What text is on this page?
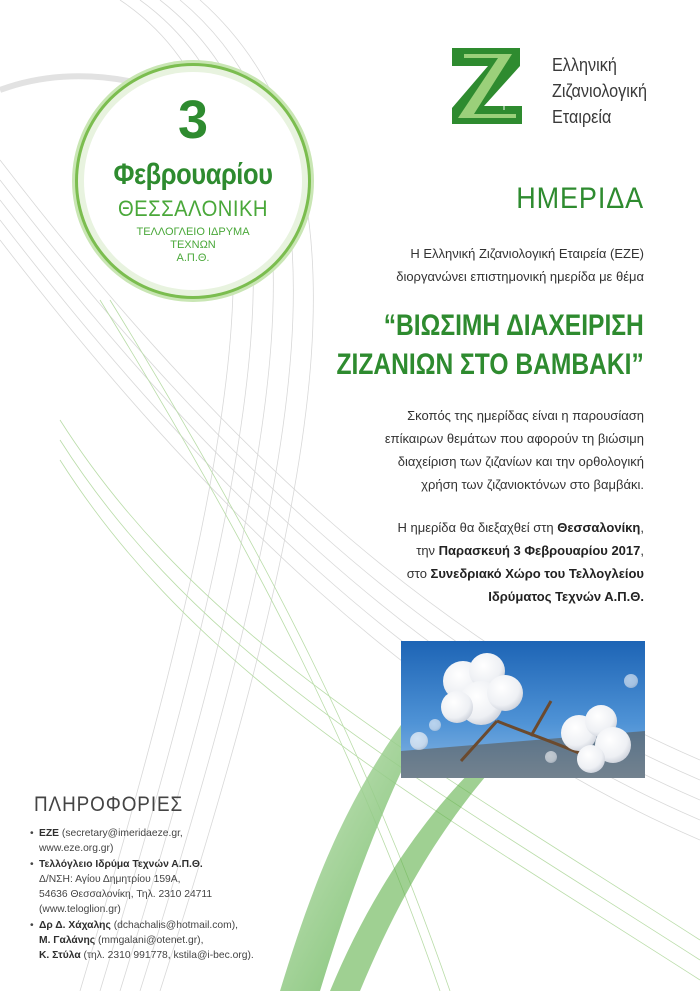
3
Φεβρουαρίου
ΘΕΣΣΑΛΟΝΙΚΗ
ΤΕΛΛΟΓΛΕΙΟ ΙΔΡΥΜΑ ΤΕΧΝΩΝ
Α.Π.Θ.
Ελληνική
Ζιζανιολογική
Εταιρεία
ΗΜΕΡΙΔΑ
Η Ελληνική Ζιζανιολογική Εταιρεία (ΕΖΕ)
διοργανώνει επιστημονική ημερίδα με θέμα
“ΒΙΩΣΙΜΗ ΔΙΑΧΕΙΡΙΣΗ
ΖΙΖΑΝΙΩΝ ΣΤΟ ΒΑΜΒΑΚΙ”
Σκοπός της ημερίδας είναι η παρουσίαση
επίκαιρων θεμάτων που αφορούν τη βιώσιμη
διαχείριση των ζιζανίων και την ορθολογική
χρήση των ζιζανιοκτόνων στο βαμβάκι.
Η ημερίδα θα διεξαχθεί στη Θεσσαλονίκη,
την Παρασκευή 3 Φεβρουαρίου 2017,
στο Συνεδριακό Χώρο του Τελλογλείου
Ιδρύματος Τεχνών Α.Π.Θ.
ΠΛΗΡΟΦΟΡΙΕΣ
• ΕΖΕ (secretary@imeridaeze.gr,
www.eze.org.gr)
• Τελλόγλειο Ιδρύμα Τεχνών Α.Π.Θ.
Δ/ΝΣΗ: Αγίου Δημητρίου 159Α,
54636 Θεσσαλονίκη, Τηλ. 2310 24711
(www.teloglion.gr)
• Δρ Δ. Χάχαλης (dchachalis@hotmail.com),
Μ. Γαλάνης (mmgalani@otenet.gr),
Κ. Στύλα (τηλ. 2310 991778, kstila@i-bec.org).
